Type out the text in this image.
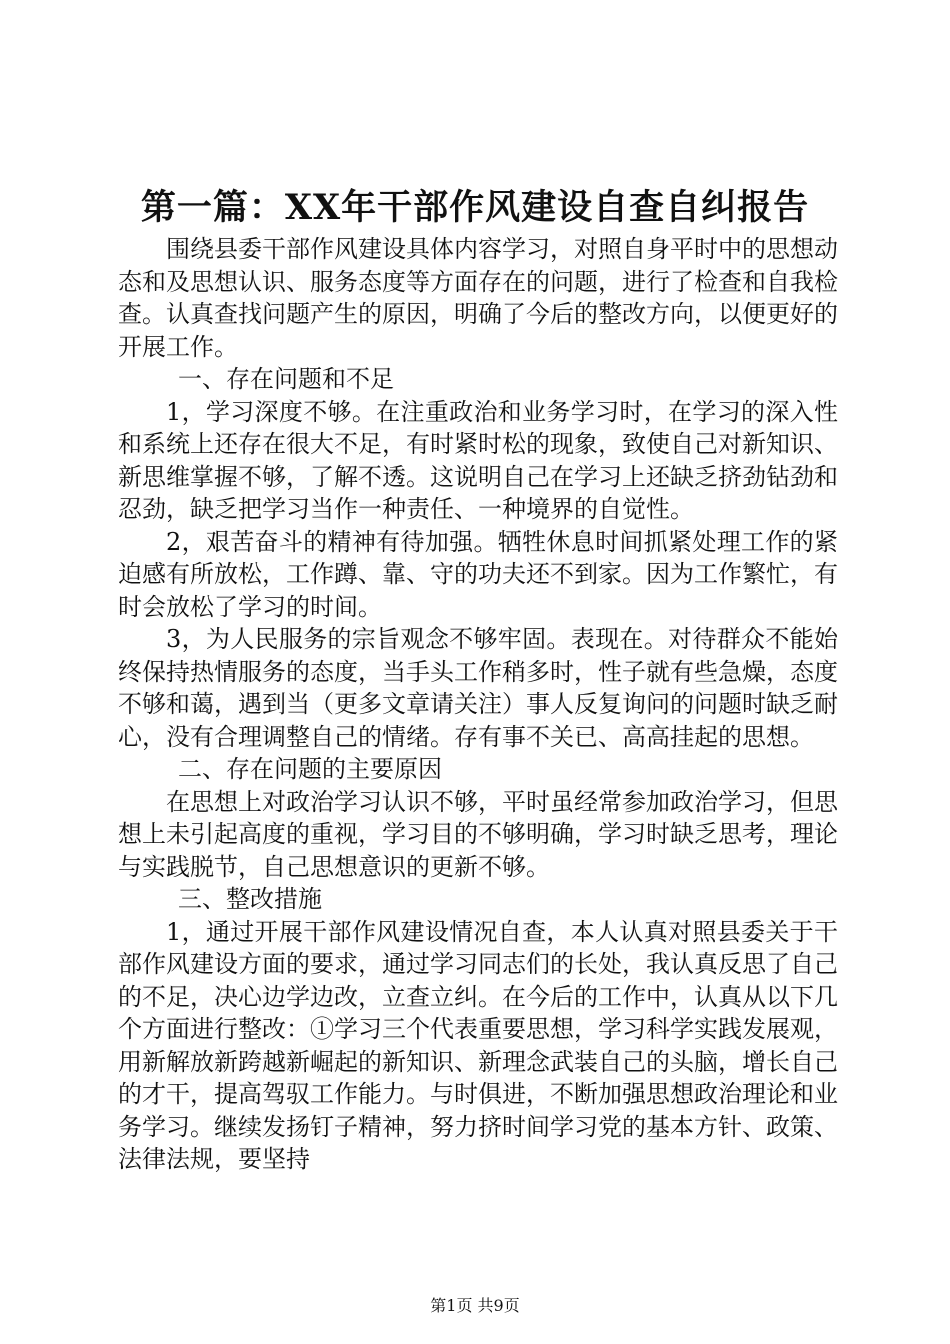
第一篇：XX年干部作风建设自查自纠报告

围绕县委干部作风建设具体内容学习，对照自身平时中的思想动态和及思想认识、服务态度等方面存在的问题，进行了检查和自我检查。认真查找问题产生的原因，明确了今后的整改方向，以便更好的开展工作。

一、存在问题和不足

1，学习深度不够。在注重政治和业务学习时，在学习的深入性和系统上还存在很大不足，有时紧时松的现象，致使自己对新知识、新思维掌握不够，了解不透。这说明自己在学习上还缺乏挤劲钻劲和忍劲，缺乏把学习当作一种责任、一种境界的自觉性。

2，艰苦奋斗的精神有待加强。牺牲休息时间抓紧处理工作的紧迫感有所放松，工作蹲、靠、守的功夫还不到家。因为工作繁忙，有时会放松了学习的时间。

3，为人民服务的宗旨观念不够牢固。表现在。对待群众不能始终保持热情服务的态度，当手头工作稍多时，性子就有些急燥，态度不够和蔼，遇到当（更多文章请关注）事人反复询问的问题时缺乏耐心，没有合理调整自己的情绪。存有事不关已、高高挂起的思想。

二、存在问题的主要原因

在思想上对政治学习认识不够，平时虽经常参加政治学习，但思想上未引起高度的重视，学习目的不够明确，学习时缺乏思考，理论与实践脱节，自己思想意识的更新不够。

三、整改措施

1，通过开展干部作风建设情况自查，本人认真对照县委关于干部作风建设方面的要求，通过学习同志们的长处，我认真反思了自己的不足，决心边学边改，立查立纠。在今后的工作中，认真从以下几个方面进行整改：①学习三个代表重要思想，学习科学实践发展观，用新解放新跨越新崛起的新知识、新理念武装自己的头脑，增长自己的才干，提高驾驭工作能力。与时俱进，不断加强思想政治理论和业务学习。继续发扬钉子精神，努力挤时间学习党的基本方针、政策、法律法规，要坚持

第1页 共9页
